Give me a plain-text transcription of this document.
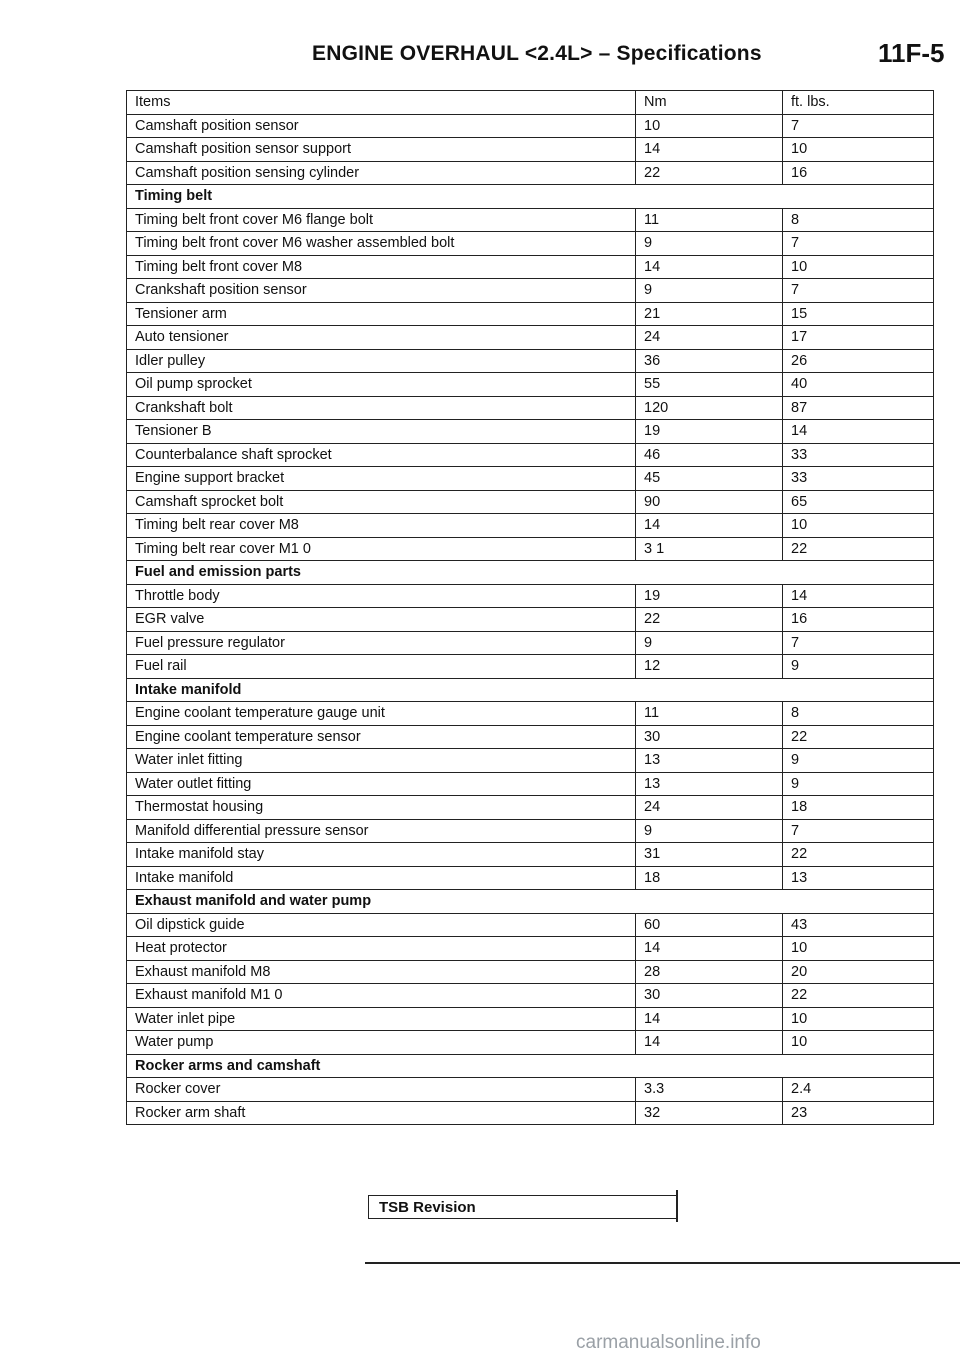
ENGINE OVERHAUL <2.4L> – Specifications	11F-5
Items	Nm	ft. lbs.
Camshaft position sensor	10	7
Camshaft position sensor support	14	10
Camshaft position sensing cylinder	22	16
Timing belt		
Timing belt front cover M6 flange bolt	11	8
Timing belt front cover M6 washer assembled bolt	9	7
Timing belt front cover M8	14	10
Crankshaft position sensor	9	7
Tensioner arm	21	15
Auto tensioner	24	17
Idler pulley	36	26
Oil pump sprocket	55	40
Crankshaft bolt	120	87
Tensioner B	19	14
Counterbalance shaft sprocket	46	33
Engine support bracket	45	33
Camshaft sprocket bolt	90	65
Timing belt rear cover M8	14	10
Timing belt rear cover M1 0	3 1	22
Fuel and emission parts		
Throttle body	19	14
EGR valve	22	16
Fuel pressure regulator	9	7
Fuel rail	12	9
Intake manifold		
Engine coolant temperature gauge unit	11	8
Engine coolant temperature sensor	30	22
Water inlet fitting	13	9
Water outlet fitting	13	9
Thermostat housing	24	18
Manifold differential pressure sensor	9	7
Intake manifold stay	31	22
Intake manifold	18	13
Exhaust manifold and water pump		
Oil dipstick guide	60	43
Heat protector	14	10
Exhaust manifold M8	28	20
Exhaust manifold M1 0	30	22
Water inlet pipe	14	10
Water pump	14	10
Rocker arms and camshaft		
Rocker cover	3.3	2.4
Rocker arm shaft	32	23
TSB Revision
carmanualsonline.info
